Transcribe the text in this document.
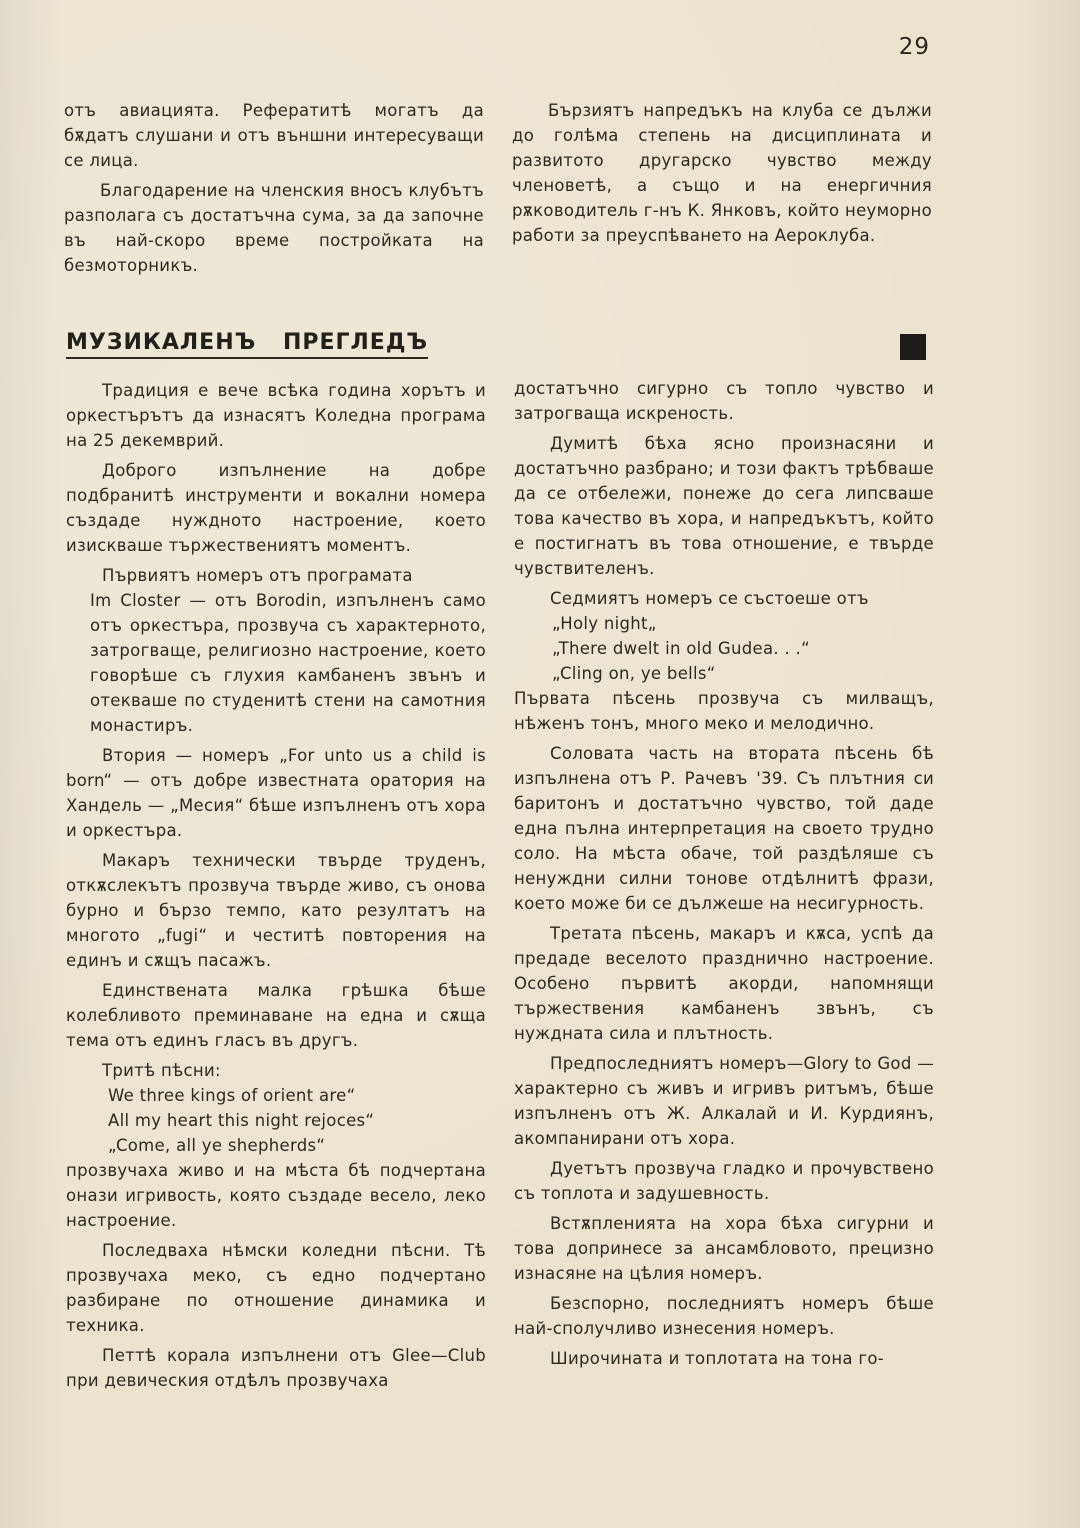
29

отъ авиацията. Рефератитѣ могатъ да бѫдатъ слушани и отъ външни интересуващи се лица.

Благодарение на членския вносъ клубътъ разполага съ достатъчна сума, за да започне въ най-скоро време постройката на безмоторникъ.

Бързиятъ напредъкъ на клуба се дължи до голѣма степень на дисциплината и развитото другарско чувство между членоветѣ, а също и на енергичния рѫководитель г-нъ К. Янковъ, който неуморно работи за преуспѣването на Аероклуба.

МУЗИКАЛЕНЪ ПРЕГЛЕДЪ

Традиция е вече всѣка година хорътъ и оркестърътъ да изнасятъ Коледна програма на 25 декемврий.

Доброго изпълнение на добре подбранитѣ инструменти и вокални номера създаде нуждното настроение, което изискваше тържествениятъ моментъ.

Първиятъ номеръ отъ програмата

Im Closter — отъ Borodin, изпълненъ само отъ оркестъра, прозвуча съ характерното, затрогваще, религиозно настроение, което говорѣше съ глухия камбаненъ звънъ и отекваше по студенитѣ стени на самотния монастиръ.

Втория — номеръ „For unto us a child is born“ — отъ добре известната оратория на Хандель — „Месия“ бѣше изпълненъ отъ хора и оркестъра.

Макаръ технически твърде труденъ, откѫслекътъ прозвуча твърде живо, съ онова бурно и бързо темпо, като резултатъ на многото „fugi“ и честитѣ повторения на единъ и сѫщъ пасажъ.

Единствената малка грѣшка бѣше колебливото преминаване на една и сѫща тема отъ единъ гласъ въ другъ.

Тритѣ пѣсни:

We three kings of orient are“

All my heart this night rejoces“

„Come, all ye shepherds“

прозвучаха живо и на мѣста бѣ подчертана онази игривость, която създаде весело, леко настроение.

Последваха нѣмски коледни пѣсни. Тѣ прозвучаха меко, съ едно подчертано разбиране по отношение динамика и техника.

Петтѣ корала изпълнени отъ Glee—Club при девическия отдѣлъ прозвучаха

достатъчно сигурно съ топло чувство и затрогваща искреность.

Думитѣ бѣха ясно произнасяни и достатъчно разбрано; и този фактъ трѣбваше да се отбележи, понеже до сега липсваше това качество въ хора, и напредъкътъ, който е постигнатъ въ това отношение, е твърде чувствителенъ.

Седмиятъ номеръ се състоеше отъ

„Holy night„

„There dwelt in old Gudea. . .“

„Cling on, ye bells“

Първата пѣсень прозвуча съ милващъ, нѣженъ тонъ, много меко и мелодично.

Соловата часть на втората пѣсень бѣ изпълнена отъ Р. Рачевъ '39. Съ плътния си баритонъ и достатъчно чувство, той даде една пълна интерпретация на своето трудно соло. На мѣста обаче, той раздѣляше съ ненуждни силни тонове отдѣлнитѣ фрази, което може би се дължеше на несигурность.

Третата пѣсень, макаръ и кѫса, успѣ да предаде веселото празднично настроение. Особено първитѣ акорди, напомнящи тържествения камбаненъ звънъ, съ нуждната сила и плътность.

Предпоследниятъ номеръ—Glory to God — характерно съ живъ и игривъ ритъмъ, бѣше изпълненъ отъ Ж. Алкалай и И. Курдиянъ, акомпанирани отъ хора.

Дуетътъ прозвуча гладко и прочувствено съ топлота и задушевность.

Встѫпленията на хора бѣха сигурни и това допринесе за ансамбловото, прецизно изнасяне на цѣлия номеръ.

Безспорно, последниятъ номеръ бѣше най-сполучливо изнесения номеръ.

Широчината и топлотата на тона го-
